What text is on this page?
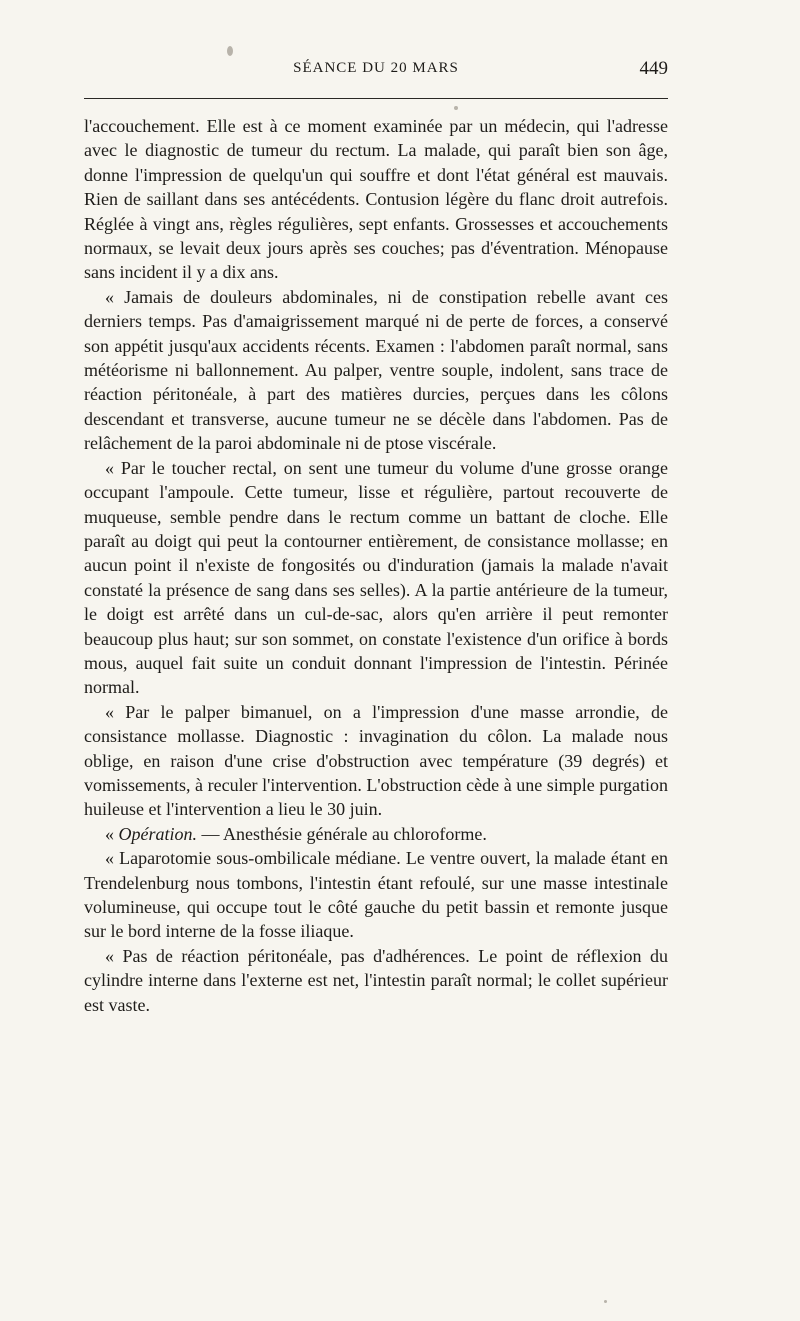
SÉANCE DU 20 MARS	449

l'accouchement. Elle est à ce moment examinée par un médecin, qui l'adresse avec le diagnostic de tumeur du rectum. La malade, qui paraît bien son âge, donne l'impression de quelqu'un qui souffre et dont l'état général est mauvais. Rien de saillant dans ses antécédents. Contusion légère du flanc droit autrefois. Réglée à vingt ans, règles régulières, sept enfants. Grossesses et accouchements normaux, se levait deux jours après ses couches; pas d'éventration. Ménopause sans incident il y a dix ans.

« Jamais de douleurs abdominales, ni de constipation rebelle avant ces derniers temps. Pas d'amaigrissement marqué ni de perte de forces, a conservé son appétit jusqu'aux accidents récents. Examen : l'abdomen paraît normal, sans météorisme ni ballonnement. Au palper, ventre souple, indolent, sans trace de réaction péritonéale, à part des matières durcies, perçues dans les côlons descendant et transverse, aucune tumeur ne se décèle dans l'abdomen. Pas de relâchement de la paroi abdominale ni de ptose viscérale.

« Par le toucher rectal, on sent une tumeur du volume d'une grosse orange occupant l'ampoule. Cette tumeur, lisse et régulière, partout recouverte de muqueuse, semble pendre dans le rectum comme un battant de cloche. Elle paraît au doigt qui peut la contourner entièrement, de consistance mollasse; en aucun point il n'existe de fongosités ou d'induration (jamais la malade n'avait constaté la présence de sang dans ses selles). A la partie antérieure de la tumeur, le doigt est arrêté dans un cul-de-sac, alors qu'en arrière il peut remonter beaucoup plus haut; sur son sommet, on constate l'existence d'un orifice à bords mous, auquel fait suite un conduit donnant l'impression de l'intestin. Périnée normal.

« Par le palper bimanuel, on a l'impression d'une masse arrondie, de consistance mollasse. Diagnostic : invagination du côlon. La malade nous oblige, en raison d'une crise d'obstruction avec température (39 degrés) et vomissements, à reculer l'intervention. L'obstruction cède à une simple purgation huileuse et l'intervention a lieu le 30 juin.

« Opération. — Anesthésie générale au chloroforme.

« Laparotomie sous-ombilicale médiane. Le ventre ouvert, la malade étant en Trendelenburg nous tombons, l'intestin étant refoulé, sur une masse intestinale volumineuse, qui occupe tout le côté gauche du petit bassin et remonte jusque sur le bord interne de la fosse iliaque.

« Pas de réaction péritonéale, pas d'adhérences. Le point de réflexion du cylindre interne dans l'externe est net, l'intestin paraît normal; le collet supérieur est vaste.
